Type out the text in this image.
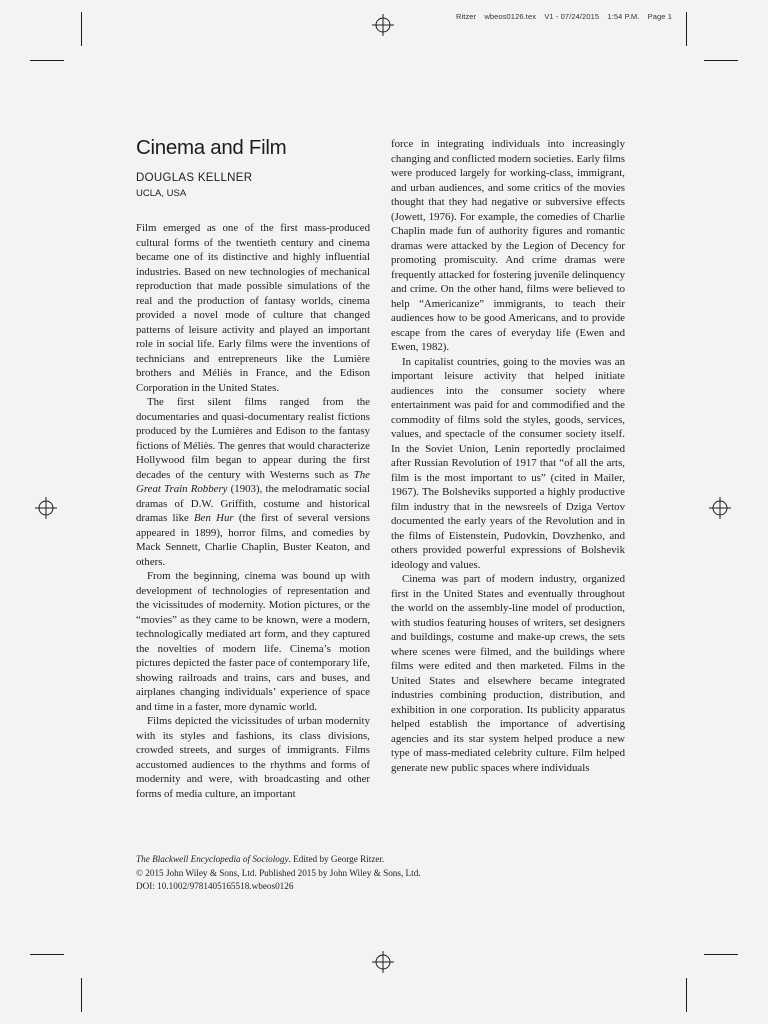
Ritzer wbeos0126.tex V1 - 07/24/2015 1:54 P.M. Page 1
Cinema and Film
DOUGLAS KELLNER
UCLA, USA

Film emerged as one of the first mass-produced cultural forms of the twentieth century and cinema became one of its distinctive and highly influential industries. Based on new technologies of mechanical reproduction that made possible simulations of the real and the production of fantasy worlds, cinema provided a novel mode of culture that changed patterns of leisure activity and played an important role in social life. Early films were the inventions of technicians and entrepreneurs like the Lumière brothers and Méliès in France, and the Edison Corporation in the United States.

The first silent films ranged from the documentaries and quasi-documentary realist fictions produced by the Lumières and Edison to the fantasy fictions of Méliès. The genres that would characterize Hollywood film began to appear during the first decades of the century with Westerns such as The Great Train Robbery (1903), the melodramatic social dramas of D.W. Griffith, costume and historical dramas like Ben Hur (the first of several versions appeared in 1899), horror films, and comedies by Mack Sennett, Charlie Chaplin, Buster Keaton, and others.

From the beginning, cinema was bound up with development of technologies of representation and the vicissitudes of modernity. Motion pictures, or the “movies” as they came to be known, were a modern, technologically mediated art form, and they captured the novelties of modern life. Cinema’s motion pictures depicted the faster pace of contemporary life, showing railroads and trains, cars and buses, and airplanes changing individuals’ experience of space and time in a faster, more dynamic world.

Films depicted the vicissitudes of urban modernity with its styles and fashions, its class divisions, crowded streets, and surges of immigrants. Films accustomed audiences to the rhythms and forms of modernity and were, with broadcasting and other forms of media culture, an important

force in integrating individuals into increasingly changing and conflicted modern societies. Early films were produced largely for working-class, immigrant, and urban audiences, and some critics of the movies thought that they had negative or subversive effects (Jowett, 1976). For example, the comedies of Charlie Chaplin made fun of authority figures and romantic dramas were attacked by the Legion of Decency for promoting promiscuity. And crime dramas were frequently attacked for fostering juvenile delinquency and crime. On the other hand, films were believed to help “Americanize” immigrants, to teach their audiences how to be good Americans, and to provide escape from the cares of everyday life (Ewen and Ewen, 1982).

In capitalist countries, going to the movies was an important leisure activity that helped initiate audiences into the consumer society where entertainment was paid for and commodified and the commodity of films sold the styles, goods, services, values, and spectacle of the consumer society itself. In the Soviet Union, Lenin reportedly proclaimed after Russian Revolution of 1917 that “of all the arts, film is the most important to us” (cited in Mailer, 1967). The Bolsheviks supported a highly productive film industry that in the newsreels of Dziga Vertov documented the early years of the Revolution and in the films of Eistenstein, Pudovkin, Dovzhenko, and others provided powerful expressions of Bolshevik ideology and values.

Cinema was part of modern industry, organized first in the United States and eventually throughout the world on the assembly-line model of production, with studios featuring houses of writers, set designers and buildings, costume and make-up crews, the sets where scenes were filmed, and the buildings where films were edited and then marketed. Films in the United States and elsewhere became integrated industries combining production, distribution, and exhibition in one corporation. Its publicity apparatus helped establish the importance of advertising agencies and its star system helped produce a new type of mass-mediated celebrity culture. Film helped generate new public spaces where individuals

The Blackwell Encyclopedia of Sociology. Edited by George Ritzer.
© 2015 John Wiley & Sons, Ltd. Published 2015 by John Wiley & Sons, Ltd.
DOI: 10.1002/9781405165518.wbeos0126
